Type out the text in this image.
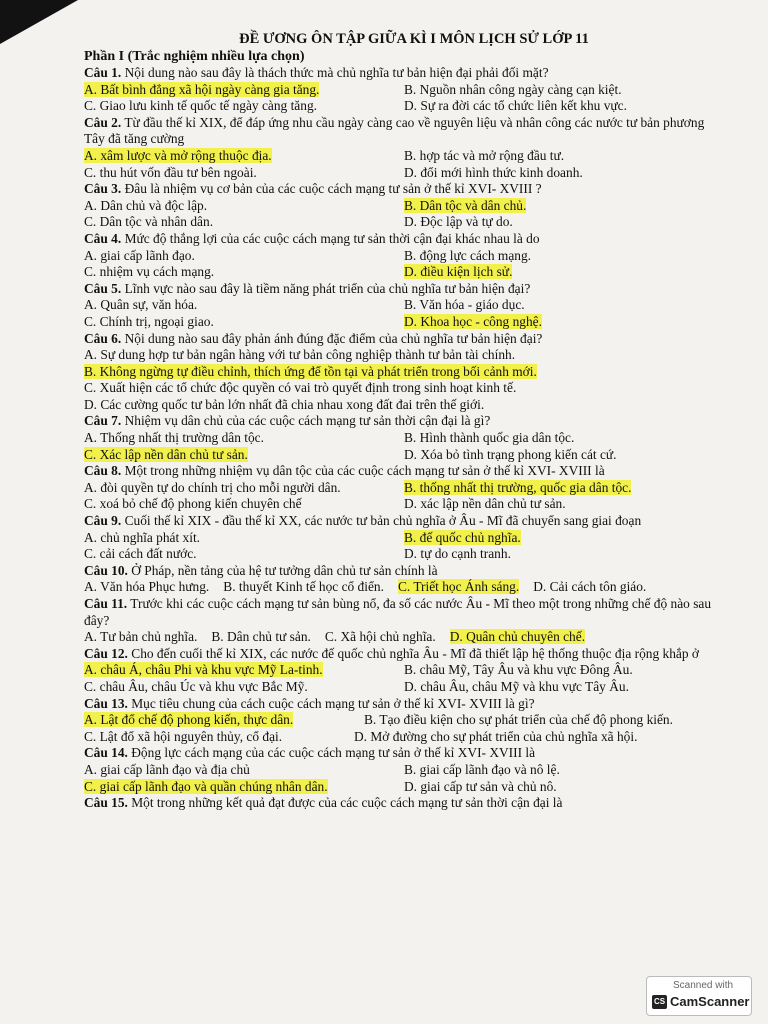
ĐỀ ƯƠNG ÔN TẬP GIỮA KÌ I MÔN LỊCH SỬ LỚP 11
Phần I (Trắc nghiệm nhiều lựa chọn)
Câu 1. Nội dung nào sau đây là thách thức mà chủ nghĩa tư bản hiện đại phải đối mặt?
A. Bất bình đẳng xã hội ngày càng gia tăng.	B. Nguồn nhân công ngày càng cạn kiệt.
C. Giao lưu kinh tế quốc tế ngày càng tăng.	D. Sự ra đời các tổ chức liên kết khu vực.
Câu 2. Từ đầu thế kỉ XIX, để đáp ứng nhu cầu ngày càng cao về nguyên liệu và nhân công các nước tư bản phương Tây đã tăng cường
A. xâm lược và mở rộng thuộc địa.	B. hợp tác và mở rộng đầu tư.
C. thu hút vốn đầu tư bên ngoài.	D. đổi mới hình thức kinh doanh.
Câu 3. Đâu là nhiệm vụ cơ bản của các cuộc cách mạng tư sản ở thế kỉ XVI- XVIII ?
A. Dân chủ và độc lập.	B. Dân tộc và dân chủ.
C. Dân tộc và nhân dân.	D. Độc lập và tự do.
Câu 4. Mức độ thắng lợi của các cuộc cách mạng tư sản thời cận đại khác nhau là do
A. giai cấp lãnh đạo.	B. động lực cách mạng.
C. nhiệm vụ cách mạng.	D. điều kiện lịch sử.
Câu 5. Lĩnh vực nào sau đây là tiềm năng phát triển của chủ nghĩa tư bản hiện đại?
A. Quân sự, văn hóa.	B. Văn hóa - giáo dục.
C. Chính trị, ngoại giao.	D. Khoa học - công nghệ.
Câu 6. Nội dung nào sau đây phản ánh đúng đặc điểm của chủ nghĩa tư bản hiện đại?
A. Sự dung hợp tư bản ngân hàng với tư bản công nghiệp thành tư bản tài chính.
B. Không ngừng tự điều chỉnh, thích ứng để tồn tại và phát triển trong bối cảnh mới.
C. Xuất hiện các tổ chức độc quyền có vai trò quyết định trong sinh hoạt kinh tế.
D. Các cường quốc tư bản lớn nhất đã chia nhau xong đất đai trên thế giới.
Câu 7. Nhiệm vụ dân chủ của các cuộc cách mạng tư sản thời cận đại là gì?
A. Thống nhất thị trường dân tộc.	B. Hình thành quốc gia dân tộc.
C. Xác lập nền dân chủ tư sản.	D. Xóa bỏ tình trạng phong kiến cát cứ.
Câu 8. Một trong những nhiệm vụ dân tộc của các cuộc cách mạng tư sản ở thế kỉ XVI- XVIII là
A. đòi quyền tự do chính trị cho mỗi người dân.	B. thống nhất thị trường, quốc gia dân tộc.
C. xoá bỏ chế độ phong kiến chuyên chế	D. xác lập nền dân chủ tư sản.
Câu 9. Cuối thế kỉ XIX - đầu thế kỉ XX, các nước tư bản chủ nghĩa ở Âu - Mĩ đã chuyển sang giai đoạn
A. chủ nghĩa phát xít.	B. đế quốc chủ nghĩa.
C. cải cách đất nước.	D. tự do cạnh tranh.
Câu 10. Ở Pháp, nền tảng của hệ tư tưởng dân chủ tư sản chính là
A. Văn hóa Phục hưng. B. thuyết Kinh tế học cổ điển. C. Triết học Ánh sáng. D. Cải cách tôn giáo.
Câu 11. Trước khi các cuộc cách mạng tư sản bùng nổ, đa số các nước Âu - Mĩ theo một trong những chế độ nào sau đây?
A. Tư bản chủ nghĩa. B. Dân chủ tư sản. C. Xã hội chủ nghĩa. D. Quân chủ chuyên chế.
Câu 12. Cho đến cuối thế kỉ XIX, các nước đế quốc chủ nghĩa Âu - Mĩ đã thiết lập hệ thống thuộc địa rộng khắp ở
A. châu Á, châu Phi và khu vực Mỹ La-tinh.	B. châu Mỹ, Tây Âu và khu vực Đông Âu.
C. châu Âu, châu Úc và khu vực Bắc Mỹ.	D. châu Âu, châu Mỹ và khu vực Tây Âu.
Câu 13. Mục tiêu chung của cách cuộc cách mạng tư sản ở thế kỉ XVI- XVIII là gì?
A. Lật đổ chế độ phong kiến, thực dân.	B. Tạo điều kiện cho sự phát triển của chế độ phong kiến.
C. Lật đổ xã hội nguyên thủy, cổ đại.	D. Mở đường cho sự phát triển của chủ nghĩa xã hội.
Câu 14. Động lực cách mạng của các cuộc cách mạng tư sản ở thế kỉ XVI- XVIII là
A. giai cấp lãnh đạo và địa chủ	B. giai cấp lãnh đạo và nô lệ.
C. giai cấp lãnh đạo và quần chúng nhân dân.	D. giai cấp tư sản và chủ nô.
Câu 15. Một trong những kết quả đạt được của các cuộc cách mạng tư sản thời cận đại là
Scanned with
CS CamScanner
